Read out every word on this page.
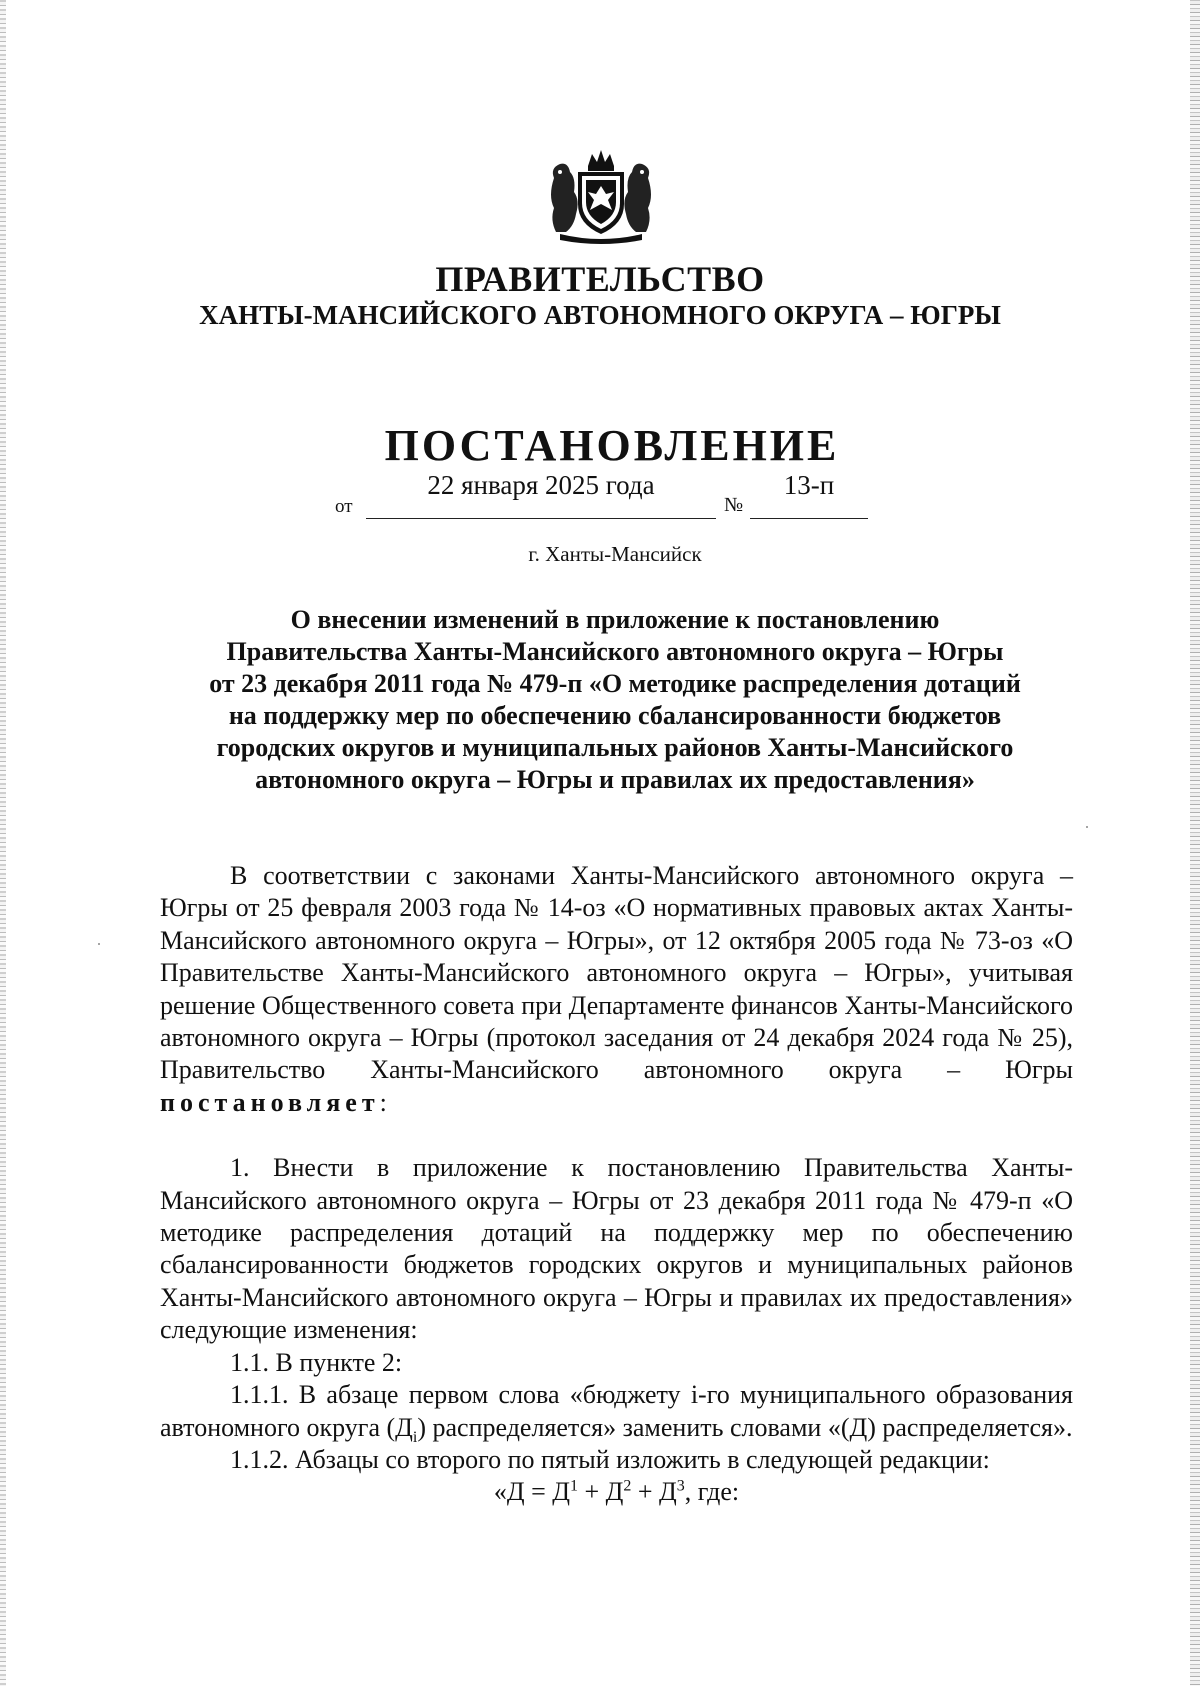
ПРАВИТЕЛЬСТВО
ХАНТЫ-МАНСИЙСКОГО АВТОНОМНОГО ОКРУГА – ЮГРЫ
ПОСТАНОВЛЕНИЕ
от
22 января 2025 года
№
13-п
г. Ханты-Мансийск
О внесении изменений в приложение к постановлению
Правительства Ханты-Мансийского автономного округа – Югры
от 23 декабря 2011 года № 479-п «О методике распределения дотаций
на поддержку мер по обеспечению сбалансированности бюджетов
городских округов и муниципальных районов Ханты-Мансийского
автономного округа – Югры и правилах их предоставления»

В соответствии с законами Ханты-Мансийского автономного округа – Югры от 25 февраля 2003 года № 14-оз «О нормативных правовых актах Ханты-Мансийского автономного округа – Югры», от 12 октября 2005 года № 73-оз «О Правительстве Ханты-Мансийского автономного округа – Югры», учитывая решение Общественного совета при Департаменте финансов Ханты-Мансийского автономного округа – Югры (протокол заседания от 24 декабря 2024 года № 25), Правительство Ханты-Мансийского автономного округа – Югры постановляет:

1. Внести в приложение к постановлению Правительства Ханты-Мансийского автономного округа – Югры от 23 декабря 2011 года № 479-п «О методике распределения дотаций на поддержку мер по обеспечению сбалансированности бюджетов городских округов и муниципальных районов Ханты-Мансийского автономного округа – Югры и правилах их предоставления» следующие изменения:

1.1. В пункте 2:

1.1.1. В абзаце первом слова «бюджету i-го муниципального образования автономного округа $(Д_i)$ распределяется» заменить словами «(Д) распределяется».

1.1.2. Абзацы со второго по пятый изложить в следующей редакции:

«$Д = Д^1 + Д^2 + Д^3$, где:
